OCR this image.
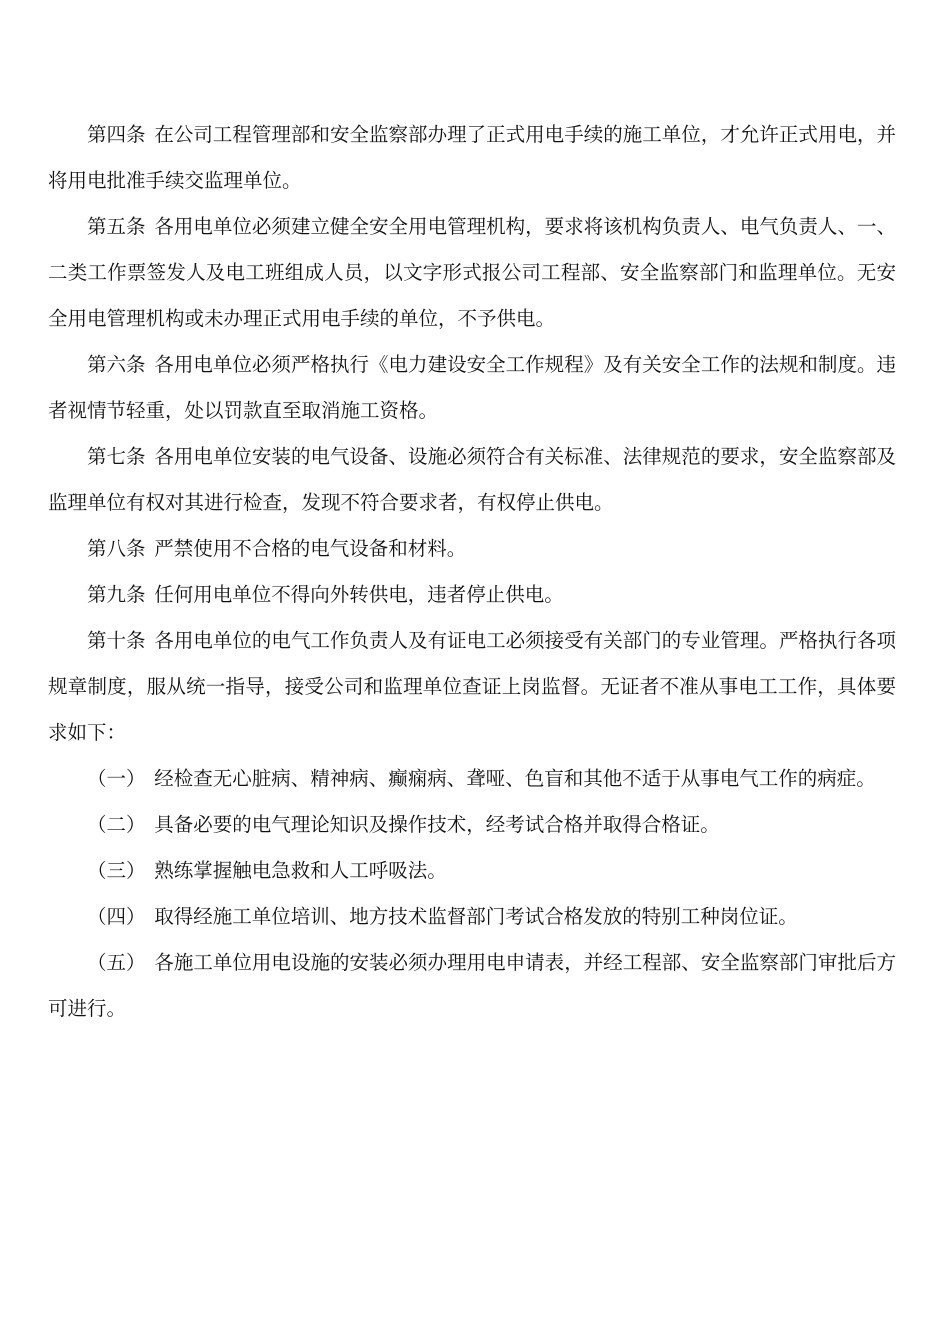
第四条 在公司工程管理部和安全监察部办理了正式用电手续的施工单位，才允许正式用电，并将用电批准手续交监理单位。

第五条 各用电单位必须建立健全安全用电管理机构，要求将该机构负责人、电气负责人、一、二类工作票签发人及电工班组成人员，以文字形式报公司工程部、安全监察部门和监理单位。无安全用电管理机构或未办理正式用电手续的单位，不予供电。

第六条 各用电单位必须严格执行《电力建设安全工作规程》及有关安全工作的法规和制度。违者视情节轻重，处以罚款直至取消施工资格。

第七条 各用电单位安装的电气设备、设施必须符合有关标准、法律规范的要求，安全监察部及监理单位有权对其进行检查，发现不符合要求者，有权停止供电。

第八条 严禁使用不合格的电气设备和材料。

第九条 任何用电单位不得向外转供电，违者停止供电。

第十条 各用电单位的电气工作负责人及有证电工必须接受有关部门的专业管理。严格执行各项规章制度，服从统一指导，接受公司和监理单位查证上岗监督。无证者不准从事电工工作，具体要求如下：

（一） 经检查无心脏病、精神病、癫痫病、聋哑、色盲和其他不适于从事电气工作的病症。

（二） 具备必要的电气理论知识及操作技术，经考试合格并取得合格证。

（三） 熟练掌握触电急救和人工呼吸法。

（四） 取得经施工单位培训、地方技术监督部门考试合格发放的特别工种岗位证。

（五） 各施工单位用电设施的安装必须办理用电申请表，并经工程部、安全监察部门审批后方可进行。
